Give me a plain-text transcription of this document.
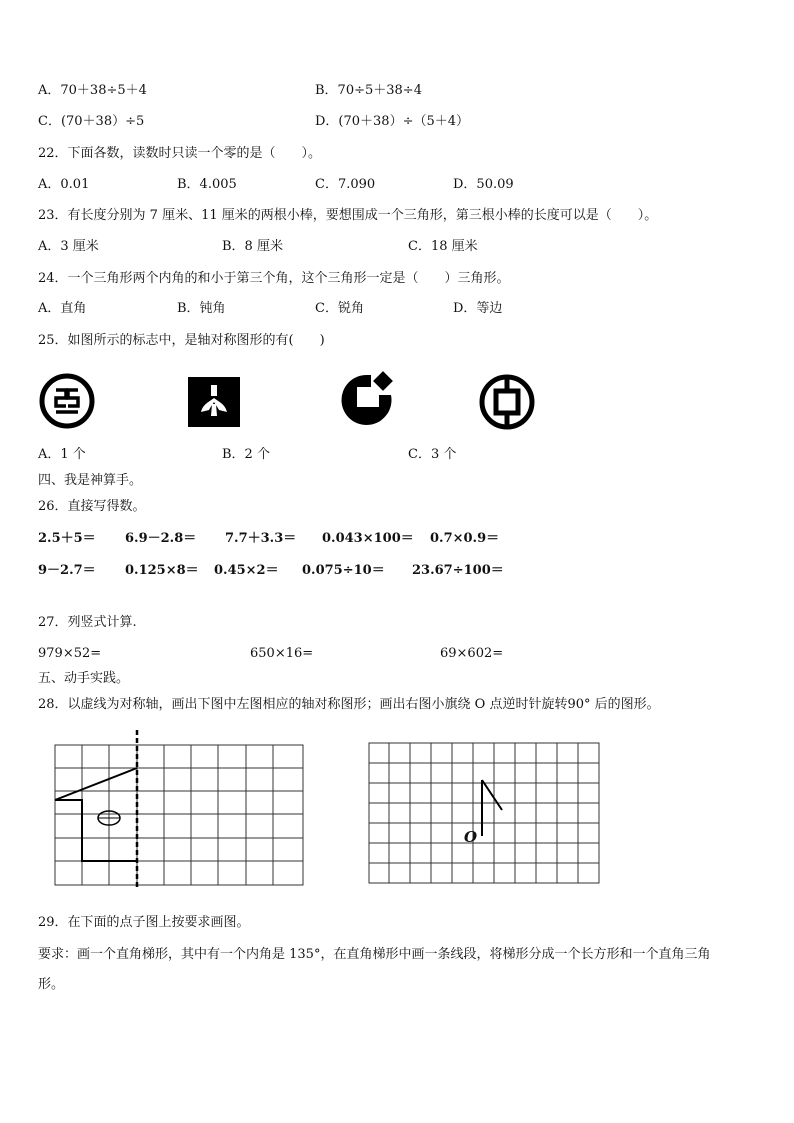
A．70＋38÷5＋4	B．70÷5＋38÷4
C．(70＋38）÷5	D．(70＋38）÷（5＋4）
22．下面各数，读数时只读一个零的是（　　）。
A．0.01	B．4.005	C．7.090	D．50.09
23．有长度分别为 7 厘米、11 厘米的两根小棒，要想围成一个三角形，第三根小棒的长度可以是（　　）。
A．3 厘米	B．8 厘米	C．18 厘米
24．一个三角形两个内角的和小于第三个角，这个三角形一定是（　　）三角形。
A．直角	B．钝角	C．锐角	D．等边
25．如图所示的标志中，是轴对称图形的有(　　)
A．1 个	B．2 个	C．3 个
四、我是神算手。
26．直接写得数。
2.5＋5＝ 6.9－2.8＝ 7.7＋3.3＝ 0.043×100＝ 0.7×0.9＝
9－2.7＝ 0.125×8＝ 0.45×2＝ 0.075÷10＝ 23.67÷100＝
27．列竖式计算.
979×52=	650×16=	69×602=
五、动手实践。
28．以虚线为对称轴，画出下图中左图相应的轴对称图形；画出右图小旗绕 O 点逆时针旋转90° 后的图形。
O
29．在下面的点子图上按要求画图。
要求：画一个直角梯形，其中有一个内角是 135°，在直角梯形中画一条线段，将梯形分成一个长方形和一个直角三角
形。
